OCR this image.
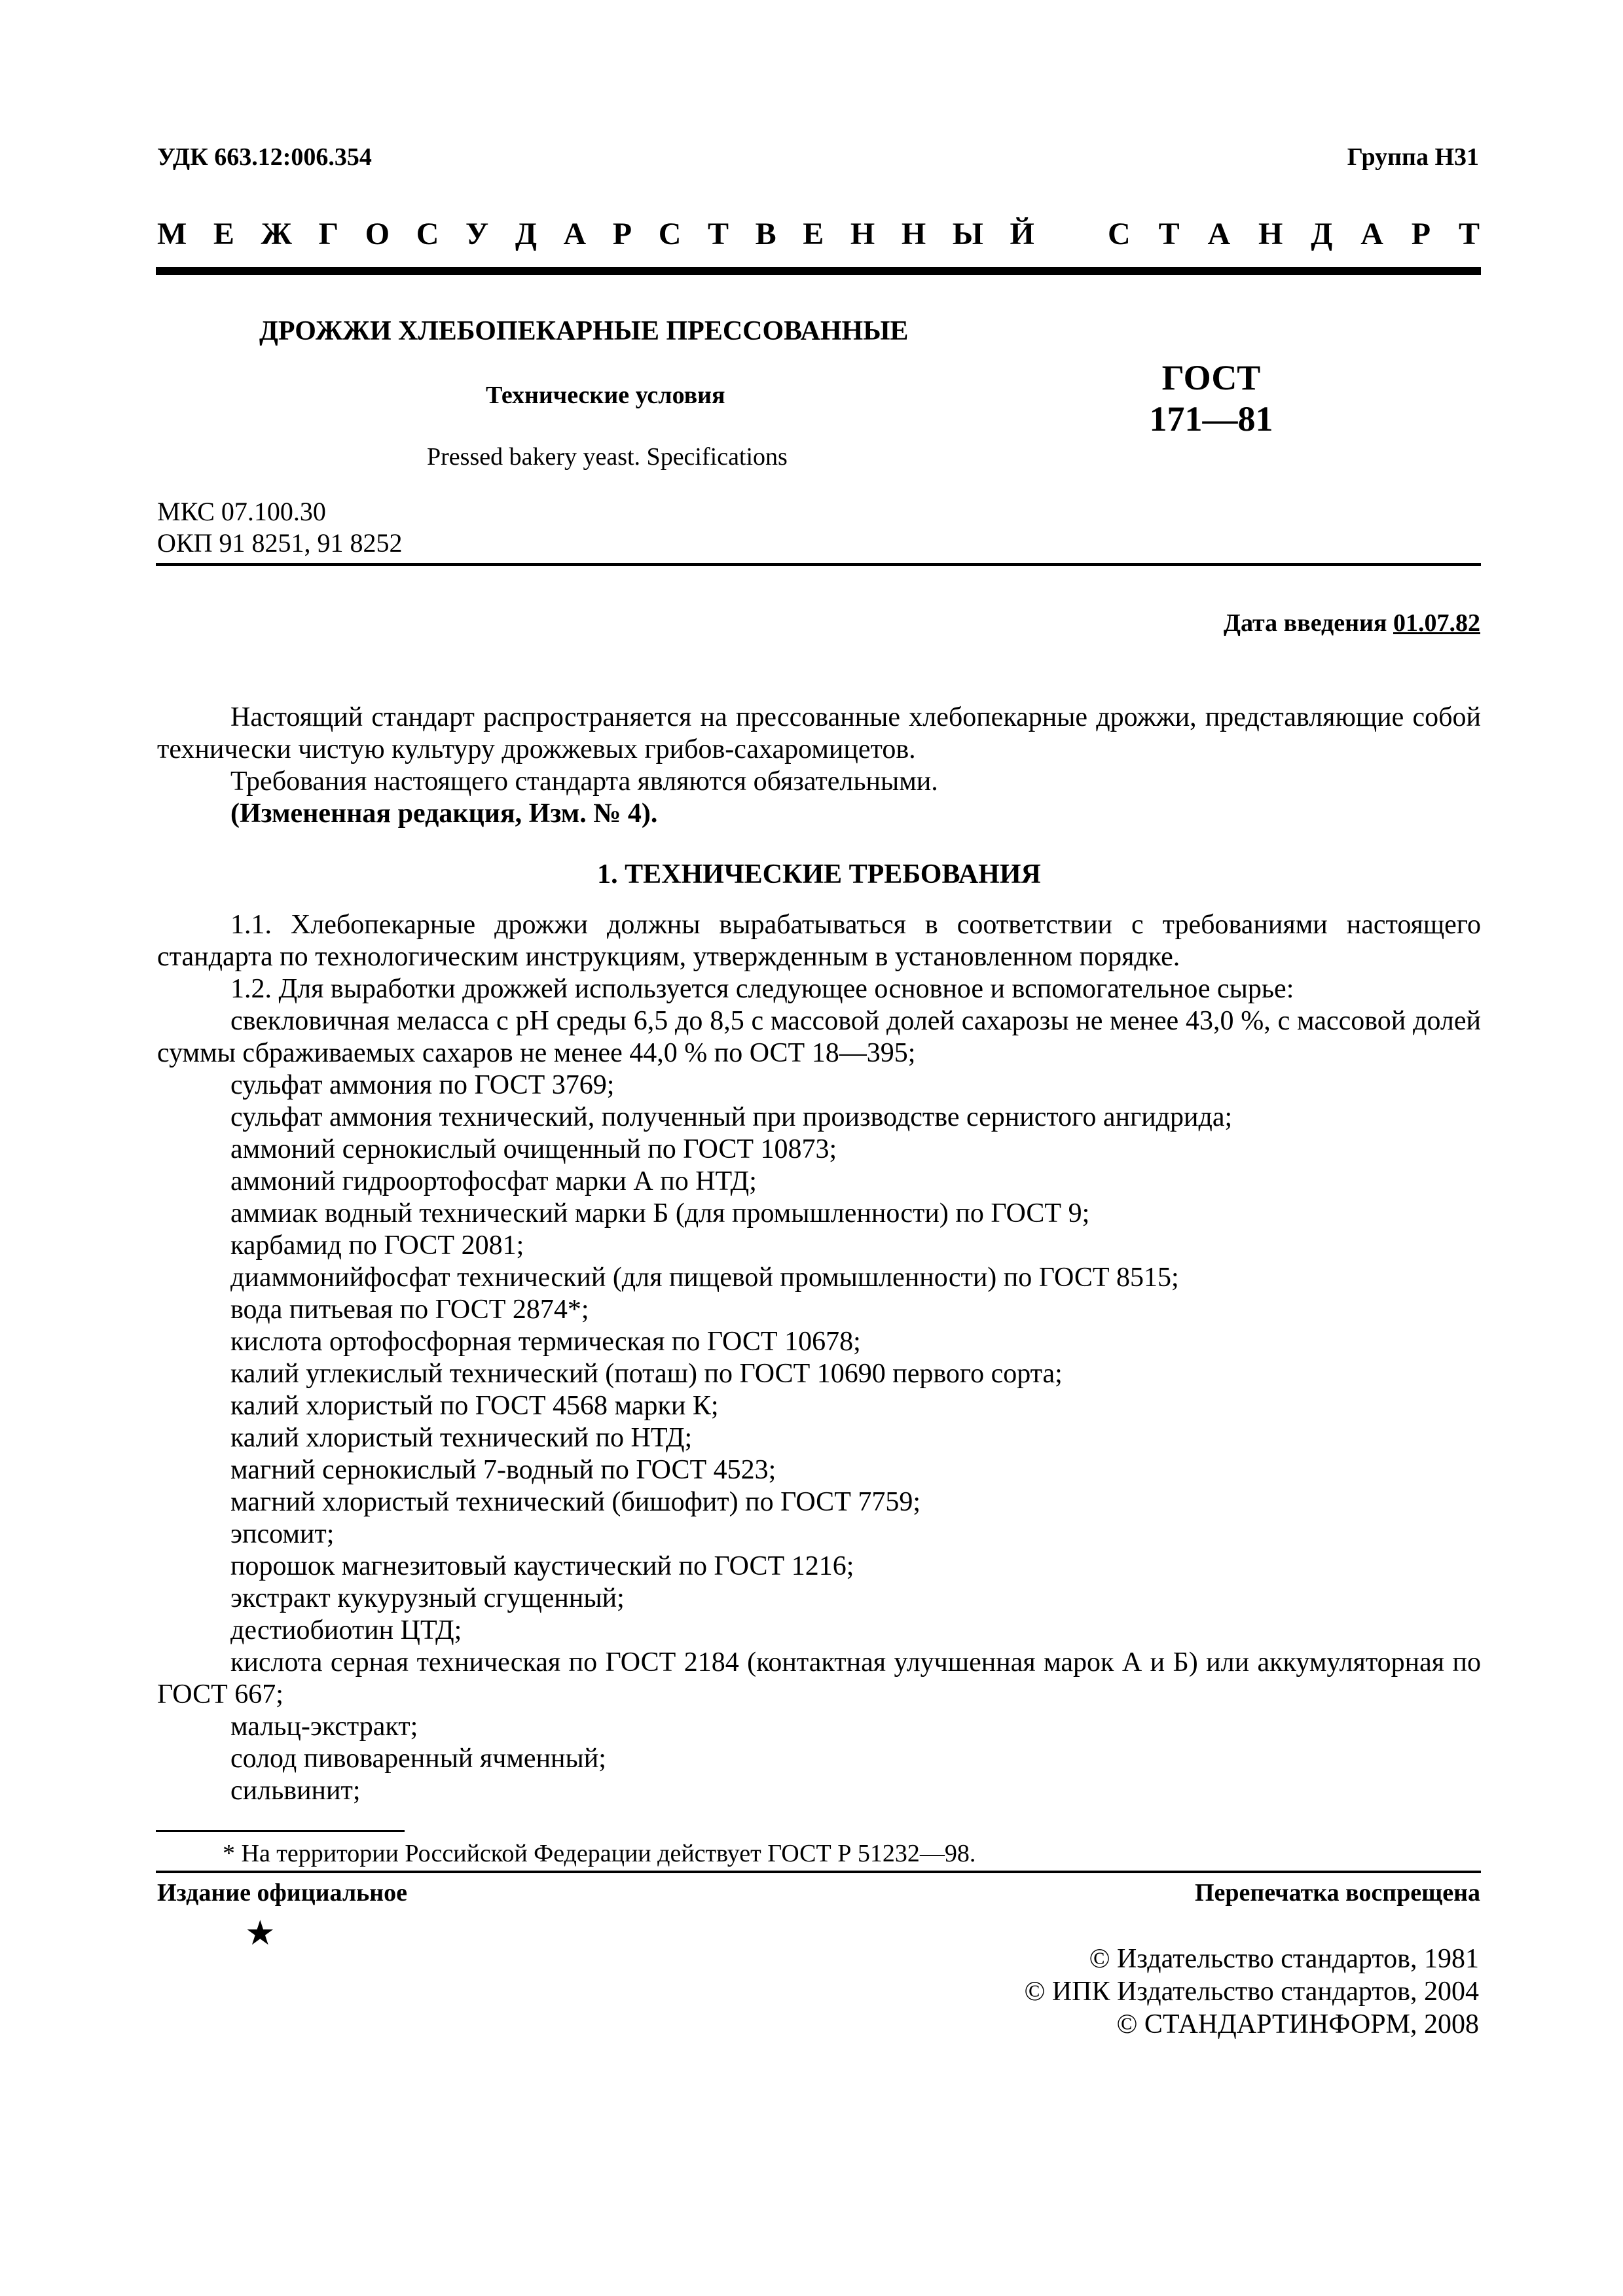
УДК 663.12:006.354	Группа Н31
М Е Ж Г О С У Д А Р С Т В Е Н Н Ы Й С Т А Н Д А Р Т
ДРОЖЖИ ХЛЕБОПЕКАРНЫЕ ПРЕССОВАННЫЕ
Технические условия
Pressed bakery yeast. Specifications
ГОСТ
171—81
МКС 07.100.30
ОКП 91 8251, 91 8252
Дата введения 01.07.82

Настоящий стандарт распространяется на прессованные хлебопекарные дрожжи, представляющие собой технически чистую культуру дрожжевых грибов-сахаромицетов.

Требования настоящего стандарта являются обязательными.

(Измененная редакция, Изм. № 4).

1. ТЕХНИЧЕСКИЕ ТРЕБОВАНИЯ

1.1. Хлебопекарные дрожжи должны вырабатываться в соответствии с требованиями настоящего стандарта по технологическим инструкциям, утвержденным в установленном порядке.

1.2. Для выработки дрожжей используется следующее основное и вспомогательное сырье:

свекловичная меласса с рН среды 6,5 до 8,5 с массовой долей сахарозы не менее 43,0 %, с массовой долей суммы сбраживаемых сахаров не менее 44,0 % по ОСТ 18—395;

сульфат аммония по ГОСТ 3769;

сульфат аммония технический, полученный при производстве сернистого ангидрида;

аммоний сернокислый очищенный по ГОСТ 10873;

аммоний гидроортофосфат марки А по НТД;

аммиак водный технический марки Б (для промышленности) по ГОСТ 9;

карбамид по ГОСТ 2081;

диаммонийфосфат технический (для пищевой промышленности) по ГОСТ 8515;

вода питьевая по ГОСТ 2874*;

кислота ортофосфорная термическая по ГОСТ 10678;

калий углекислый технический (поташ) по ГОСТ 10690 первого сорта;

калий хлористый по ГОСТ 4568 марки К;

калий хлористый технический по НТД;

магний сернокислый 7-водный по ГОСТ 4523;

магний хлористый технический (бишофит) по ГОСТ 7759;

эпсомит;

порошок магнезитовый каустический по ГОСТ 1216;

экстракт кукурузный сгущенный;

дестиобиотин ЦТД;

кислота серная техническая по ГОСТ 2184 (контактная улучшенная марок А и Б) или аккумуляторная по ГОСТ 667;

мальц-экстракт;

солод пивоваренный ячменный;

сильвинит;

* На территории Российской Федерации действует ГОСТ Р 51232—98.
Издание официальное	Перепечатка воспрещена
★
© Издательство стандартов, 1981
© ИПК Издательство стандартов, 2004
© СТАНДАРТИНФОРМ, 2008
